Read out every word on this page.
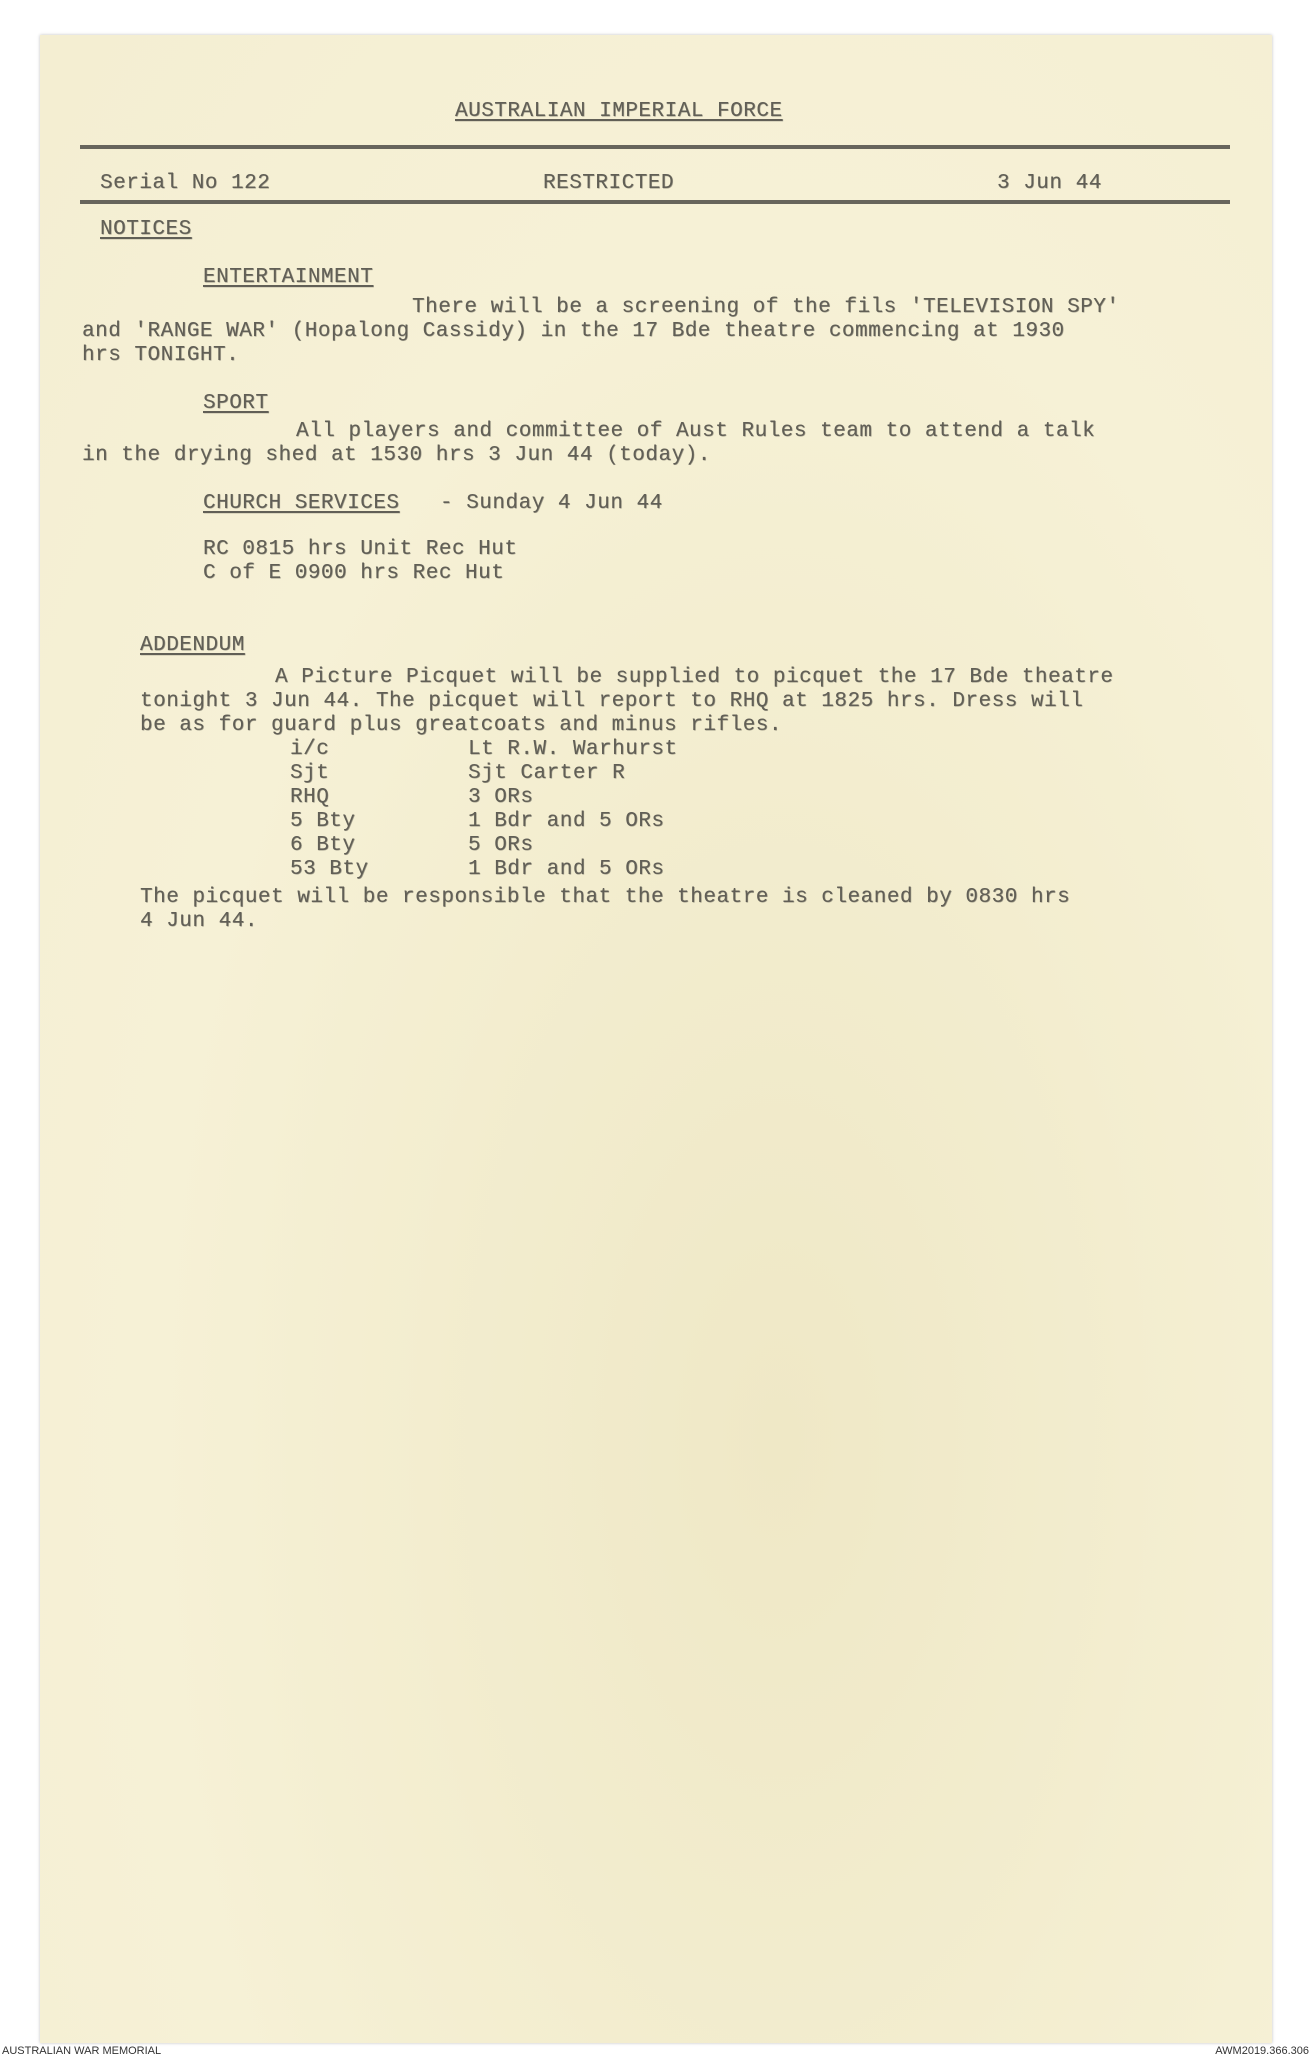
AUSTRALIAN IMPERIAL FORCE
Serial No 122	RESTRICTED	3 Jun 44
NOTICES
ENTERTAINMENT
There will be a screening of the fils 'TELEVISION SPY'
and 'RANGE WAR' (Hopalong Cassidy) in the 17 Bde theatre commencing at 1930
hrs TONIGHT.
SPORT
All players and committee of Aust Rules team to attend a talk
in the drying shed at 1530 hrs 3 Jun 44 (today).
CHURCH SERVICES - Sunday 4 Jun 44
RC 0815 hrs Unit Rec Hut
C of E 0900 hrs Rec Hut
ADDENDUM
A Picture Picquet will be supplied to picquet the 17 Bde theatre
tonight 3 Jun 44. The picquet will report to RHQ at 1825 hrs. Dress will
be as for guard plus greatcoats and minus rifles.
i/c	Lt R.W. Warhurst
Sjt	Sjt Carter R
RHQ	3 ORs
5 Bty	1 Bdr and 5 ORs
6 Bty	5 ORs
53 Bty	1 Bdr and 5 ORs
The picquet will be responsible that the theatre is cleaned by 0830 hrs
4 Jun 44.
AUSTRALIAN WAR MEMORIAL	AWM2019.366.306
